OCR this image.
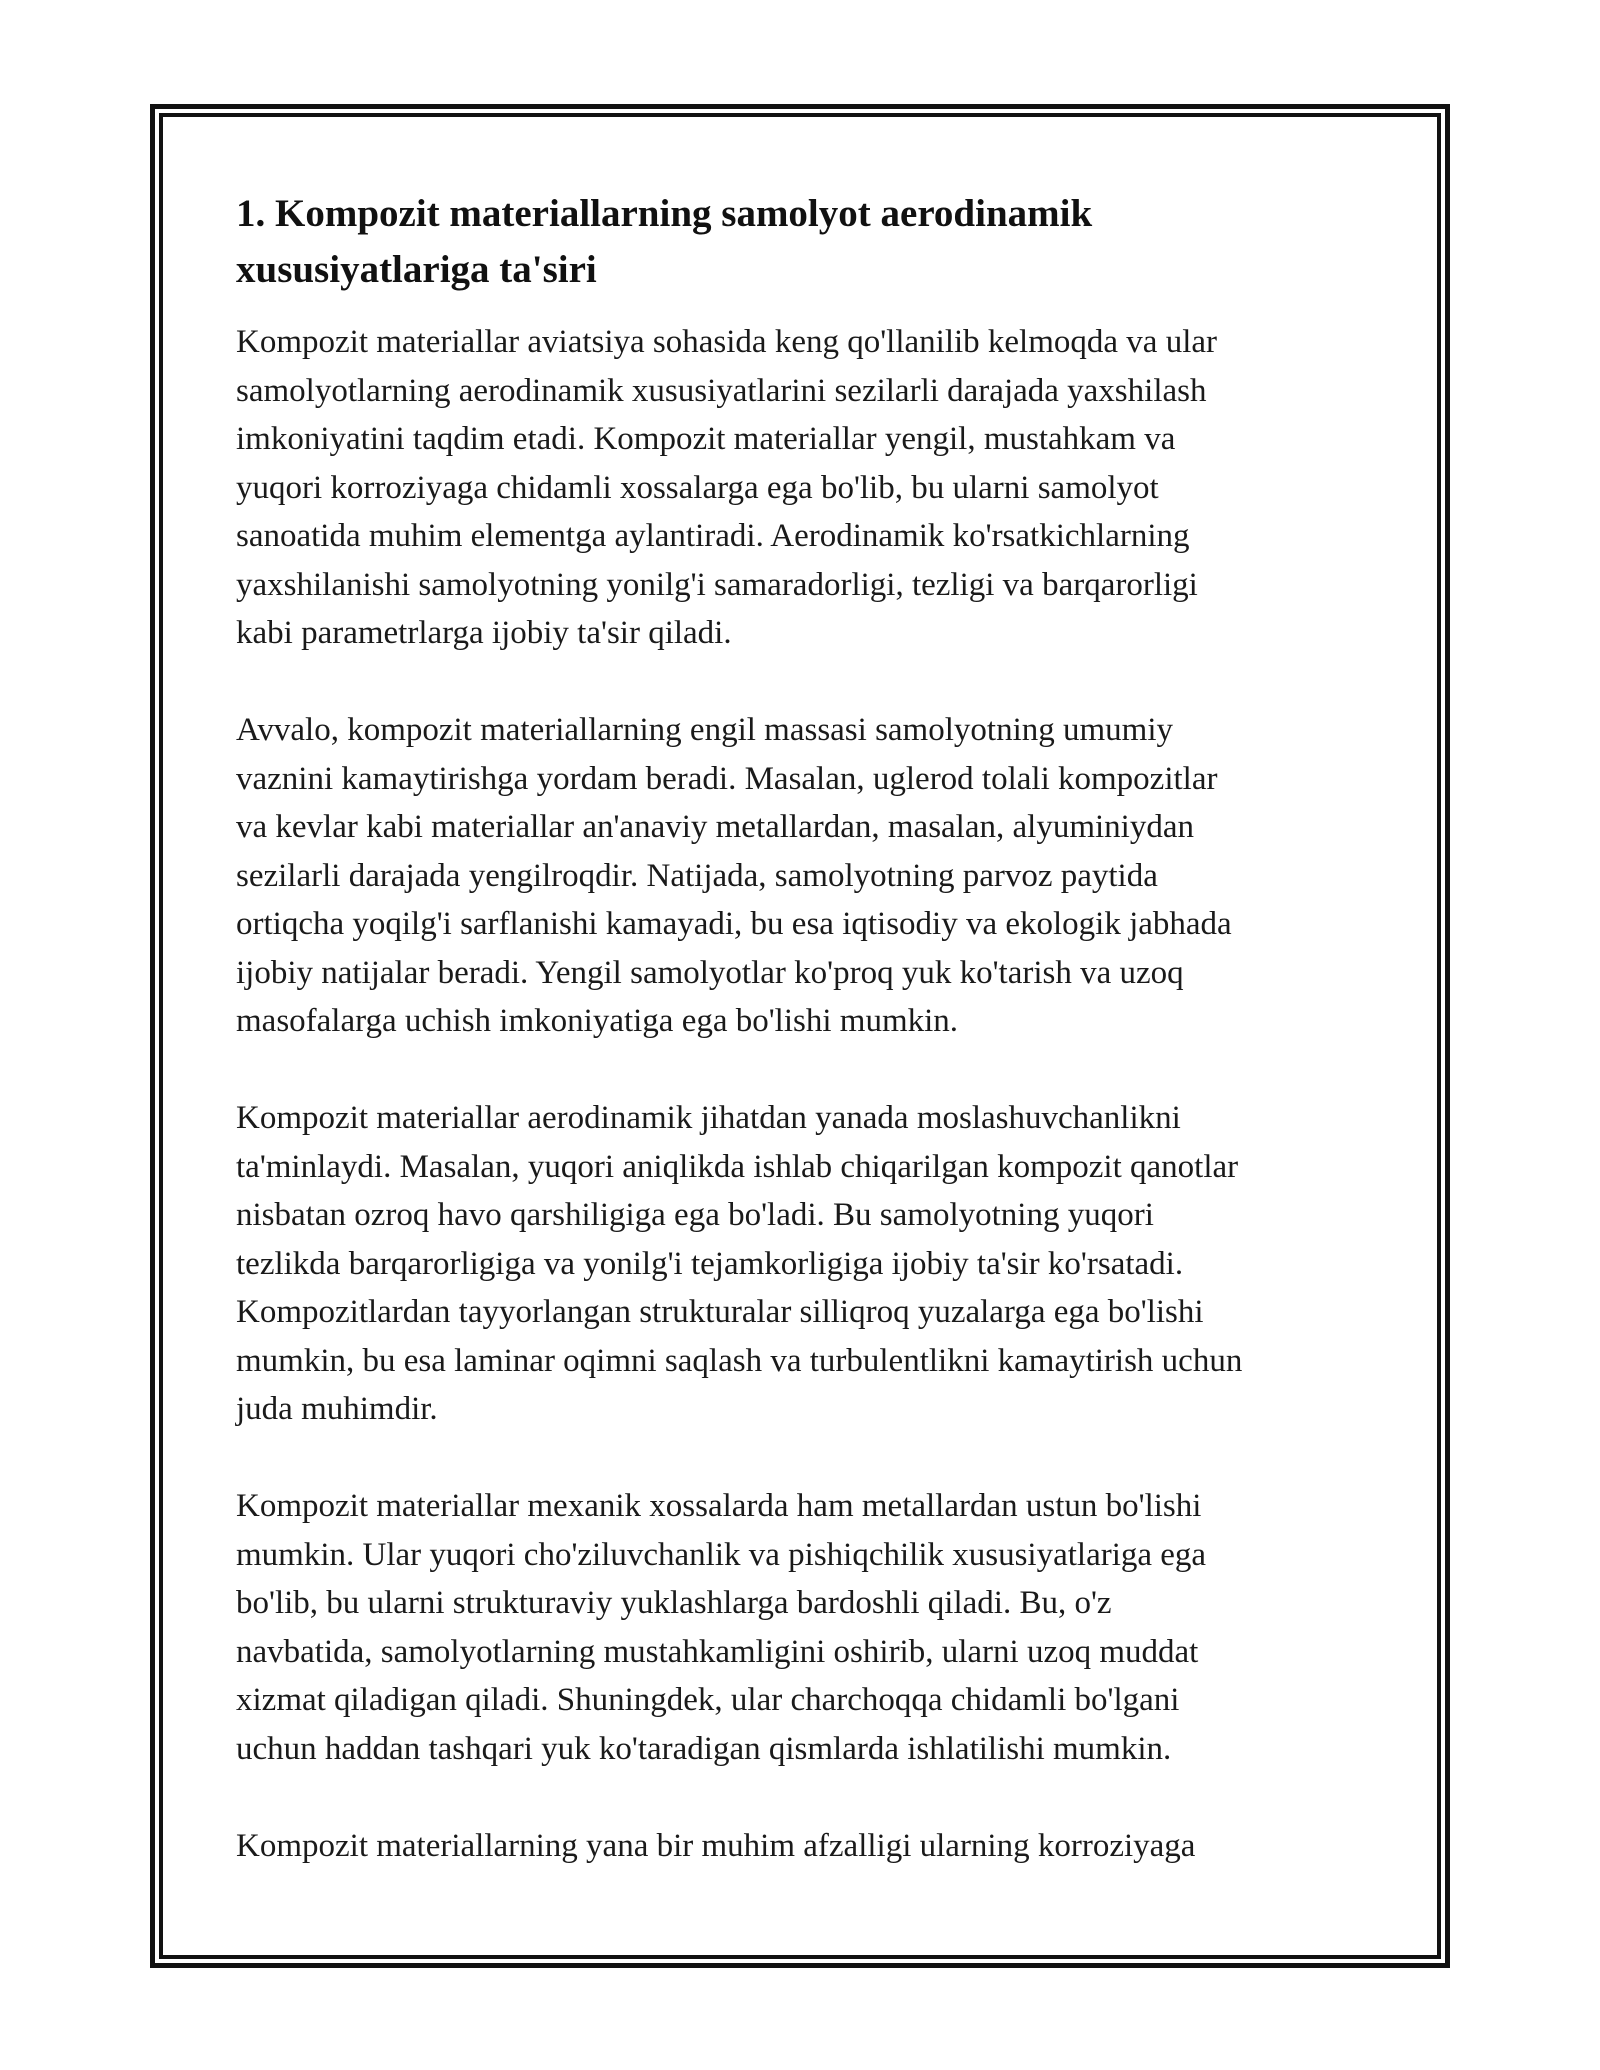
1. Kompozit materiallarning samolyot aerodinamik
xususiyatlariga ta'siri

Kompozit materiallar aviatsiya sohasida keng qo'llanilib kelmoqda va ular
samolyotlarning aerodinamik xususiyatlarini sezilarli darajada yaxshilash
imkoniyatini taqdim etadi. Kompozit materiallar yengil, mustahkam va
yuqori korroziyaga chidamli xossalarga ega bo'lib, bu ularni samolyot
sanoatida muhim elementga aylantiradi. Aerodinamik ko'rsatkichlarning
yaxshilanishi samolyotning yonilg'i samaradorligi, tezligi va barqarorligi
kabi parametrlarga ijobiy ta'sir qiladi.

Avvalo, kompozit materiallarning engil massasi samolyotning umumiy
vaznini kamaytirishga yordam beradi. Masalan, uglerod tolali kompozitlar
va kevlar kabi materiallar an'anaviy metallardan, masalan, alyuminiydan
sezilarli darajada yengilroqdir. Natijada, samolyotning parvoz paytida
ortiqcha yoqilg'i sarflanishi kamayadi, bu esa iqtisodiy va ekologik jabhada
ijobiy natijalar beradi. Yengil samolyotlar ko'proq yuk ko'tarish va uzoq
masofalarga uchish imkoniyatiga ega bo'lishi mumkin.

Kompozit materiallar aerodinamik jihatdan yanada moslashuvchanlikni
ta'minlaydi. Masalan, yuqori aniqlikda ishlab chiqarilgan kompozit qanotlar
nisbatan ozroq havo qarshiligiga ega bo'ladi. Bu samolyotning yuqori
tezlikda barqarorligiga va yonilg'i tejamkorligiga ijobiy ta'sir ko'rsatadi.
Kompozitlardan tayyorlangan strukturalar silliqroq yuzalarga ega bo'lishi
mumkin, bu esa laminar oqimni saqlash va turbulentlikni kamaytirish uchun
juda muhimdir.

Kompozit materiallar mexanik xossalarda ham metallardan ustun bo'lishi
mumkin. Ular yuqori cho'ziluvchanlik va pishiqchilik xususiyatlariga ega
bo'lib, bu ularni strukturaviy yuklashlarga bardoshli qiladi. Bu, o'z
navbatida, samolyotlarning mustahkamligini oshirib, ularni uzoq muddat
xizmat qiladigan qiladi. Shuningdek, ular charchoqqa chidamli bo'lgani
uchun haddan tashqari yuk ko'taradigan qismlarda ishlatilishi mumkin.

Kompozit materiallarning yana bir muhim afzalligi ularning korroziyaga
